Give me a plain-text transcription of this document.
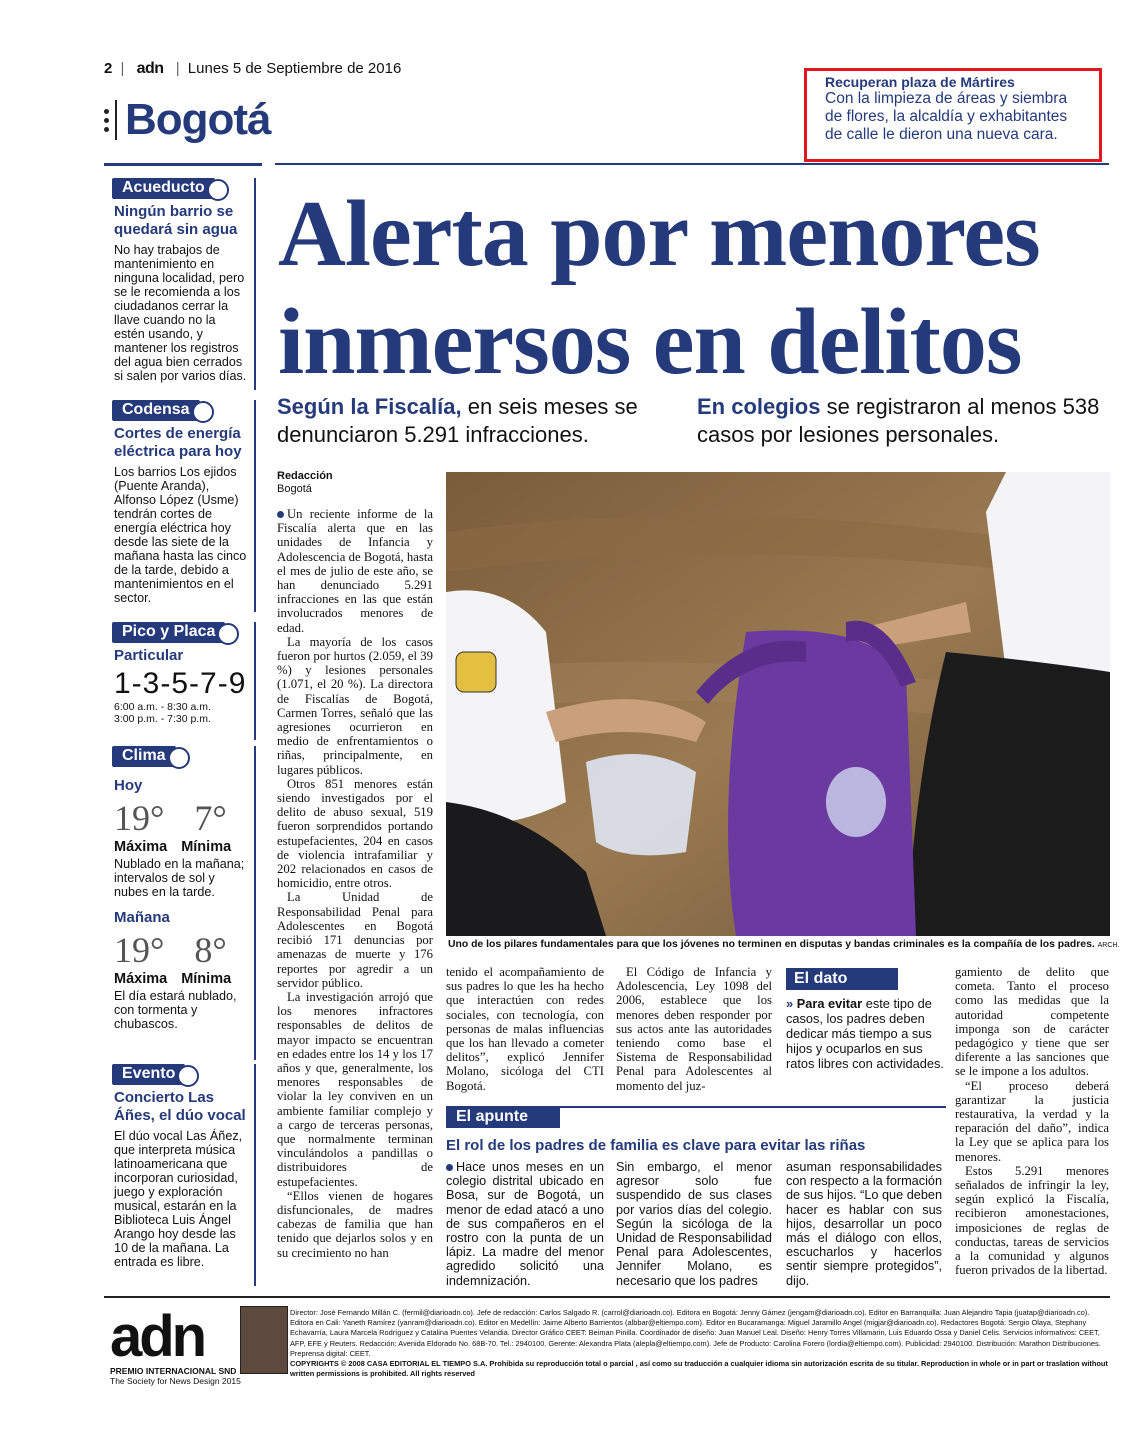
2 | adn | Lunes 5 de Septiembre de 2016
Bogotá
Recuperan plaza de Mártires
Con la limpieza de áreas y siembra de flores, la alcaldía y exhabitantes de calle le dieron una nueva cara.
Acueducto
Ningún barrio se quedará sin agua
No hay trabajos de mantenimiento en ninguna localidad, pero se le recomienda a los ciudadanos cerrar la llave cuando no la estén usando, y mantener los registros del agua bien cerrados si salen por varios días.
Codensa
Cortes de energía eléctrica para hoy
Los barrios Los ejidos (Puente Aranda), Alfonso López (Usme) tendrán cortes de energía eléctrica hoy desde las siete de la mañana hasta las cinco de la tarde, debido a mantenimientos en el sector.
Pico y Placa
Particular
1-3-5-7-9
6:00 a.m. - 8:30 a.m.
3:00 p.m. - 7:30 p.m.
Clima
Hoy
19° 7°
Máxima Mínima
Nublado en la mañana; intervalos de sol y nubes en la tarde.
Mañana
19° 8°
Máxima Mínima
El día estará nublado, con tormenta y chubascos.
Evento
Concierto Las Áñes, el dúo vocal
El dúo vocal Las Áñez, que interpreta música latinoamericana que incorporan curiosidad, juego y exploración musical, estarán en la Biblioteca Luis Ángel Arango hoy desde las 10 de la mañana. La entrada es libre.
Alerta por menores inmersos en delitos
Según la Fiscalía, en seis meses se denunciaron 5.291 infracciones.
En colegios se registraron al menos 538 casos por lesiones personales.
Redacción
Bogotá

Un reciente informe de la Fiscalía alerta que en las unidades de Infancia y Adolescencia de Bogotá, hasta el mes de julio de este año, se han denunciado 5.291 infracciones en las que están involucrados menores de edad.

La mayoría de los casos fueron por hurtos (2.059, el 39 %) y lesiones personales (1.071, el 20 %). La directora de Fiscalías de Bogotá, Carmen Torres, señaló que las agresiones ocurrieron en medio de enfrentamientos o riñas, principalmente, en lugares públicos.

Otros 851 menores están siendo investigados por el delito de abuso sexual, 519 fueron sorprendidos portando estupefacientes, 204 en casos de violencia intrafamiliar y 202 relacionados en casos de homicidio, entre otros.

La Unidad de Responsabilidad Penal para Adolescentes en Bogotá recibió 171 denuncias por amenazas de muerte y 176 reportes por agredir a un servidor público.

La investigación arrojó que los menores infractores responsables de delitos de mayor impacto se encuentran en edades entre los 14 y los 17 años y que, generalmente, los menores responsables de violar la ley conviven en un ambiente familiar complejo y a cargo de terceras personas, que normalmente terminan vinculándolos a pandillas o distribuidores de estupefacientes.

“Ellos vienen de hogares disfuncionales, de madres cabezas de familia que han tenido que dejarlos solos y en su crecimiento no han

Uno de los pilares fundamentales para que los jóvenes no terminen en disputas y bandas criminales es la compañía de los padres. ARCH.

tenido el acompañamiento de sus padres lo que les ha hecho que interactúen con redes sociales, con tecnología, con personas de malas influencias que los han llevado a cometer delitos”, explicó Jennifer Molano, sicóloga del CTI Bogotá.

El Código de Infancia y Adolescencia, Ley 1098 del 2006, establece que los menores deben responder por sus actos ante las autoridades teniendo como base el Sistema de Responsabilidad Penal para Adolescentes al momento del juz-

El dato
» Para evitar este tipo de casos, los padres deben dedicar más tiempo a sus hijos y ocuparlos en sus ratos libres con actividades.

gamiento de delito que cometa. Tanto el proceso como las medidas que la autoridad competente imponga son de carácter pedagógico y tiene que ser diferente a las sanciones que se le impone a los adultos.

“El proceso deberá garantizar la justicia restaurativa, la verdad y la reparación del daño”, indica la Ley que se aplica para los menores.

Estos 5.291 menores señalados de infringir la ley, según explicó la Fiscalía, recibieron amonestaciones, imposiciones de reglas de conductas, tareas de servicios a la comunidad y algunos fueron privados de la libertad.

El apunte
El rol de los padres de familia es clave para evitar las riñas
Hace unos meses en un colegio distrital ubicado en Bosa, sur de Bogotá, un menor de edad atacó a uno de sus compañeros en el rostro con la punta de un lápiz. La madre del menor agredido solicitó una indemnización.
Sin embargo, el menor agresor solo fue suspendido de sus clases por varios días del colegio. Según la sicóloga de la Unidad de Responsabilidad Penal para Adolescentes, Jennifer Molano, es necesario que los padres
asuman responsabilidades con respecto a la formación de sus hijos. “Lo que deben hacer es hablar con sus hijos, desarrollar un poco más el diálogo con ellos, escucharlos y hacerlos sentir siempre protegidos”, dijo.
adn
PREMIO INTERNACIONAL SND
The Society for News Design 2015
Director: José Fernando Millán C. (fermil@diarioadn.co). Jefe de redacción: Carlos Salgado R. (carrol@diarioadn.co). Editora en Bogotá: Jenny Gámez (jengam@diarioadn.co). Editor en Barranquilla: Juan Alejandro Tapia (juatap@diarioadn.co). Editora en Cali: Yaneth Ramírez (yanram@diarioadn.co). Editor en Medellín: Jaime Alberto Barrientos (albbar@eltiempo.com). Editor en Bucaramanga: Miguel Jaramillo Angel (migjar@diarioadn.co). Redactores Bogotá: Sergio Olaya, Stephany Echavarría, Laura Marcela Rodríguez y Catalina Puentes Velandia. Director Gráfico CEET: Beiman Pinilla. Coordinador de diseño: Juan Manuel Leal. Diseño: Henry Torres Villamarin, Luis Eduardo Ossa y Daniel Celis. Servicios informativos: CEET, AFP, EFE y Reuters. Redacción: Avenida Eldorado No. 68B-70. Tel.: 2940100. Gerente: Alexandra Plata (alepla@eltiempo.com). Jefe de Producto: Carolina Forero (lordia@eltiempo.com). Publicidad: 2940100. Distribución: Marathon Distribuciones. Preprensa digital: CEET.
COPYRIGHTS © 2008 CASA EDITORIAL EL TIEMPO S.A. Prohibida su reproducción total o parcial , así como su traducción a cualquier idioma sin autorización escrita de su titular. Reproduction in whole or in part or traslation without written permissions is prohibited. All rights reserved
